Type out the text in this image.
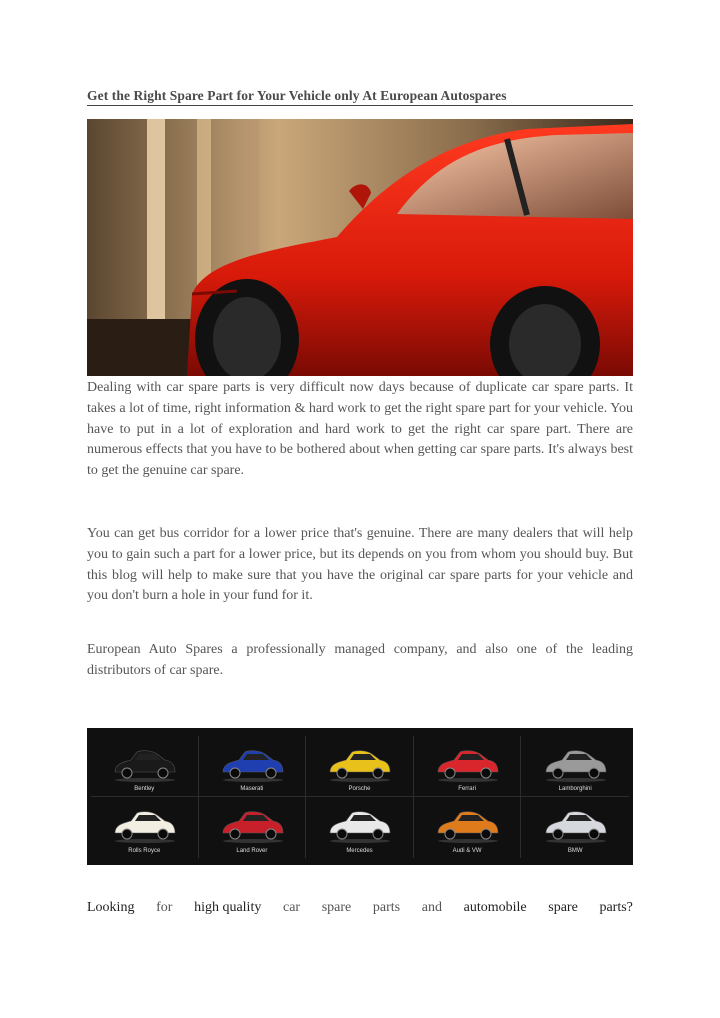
Get the Right Spare Part for Your Vehicle only At European Autospares

Dealing with car spare parts is very difficult now days because of duplicate car spare parts. It takes a lot of time, right information & hard work to get the right spare part for your vehicle. You have to put in a lot of exploration and hard work to get the right car spare part. There are numerous effects that you have to be bothered about when getting car spare parts. It's always best to get the genuine car spare.

You can get bus corridor for a lower price that's genuine. There are many dealers that will help you to gain such a part for a lower price, but its depends on you from whom you should buy. But this blog will help to make sure that you have the original car spare parts for your vehicle and you don't burn a hole in your fund for it.

European Auto Spares a professionally managed company, and also one of the leading distributors of car spare.

Bentley	Maserati	Porsche	Ferrari	Lamborghini
Rolls Royce	Land Rover	Mercedes	Audi & VW	BMW
Looking for high quality car spare parts and automobile spare parts?
